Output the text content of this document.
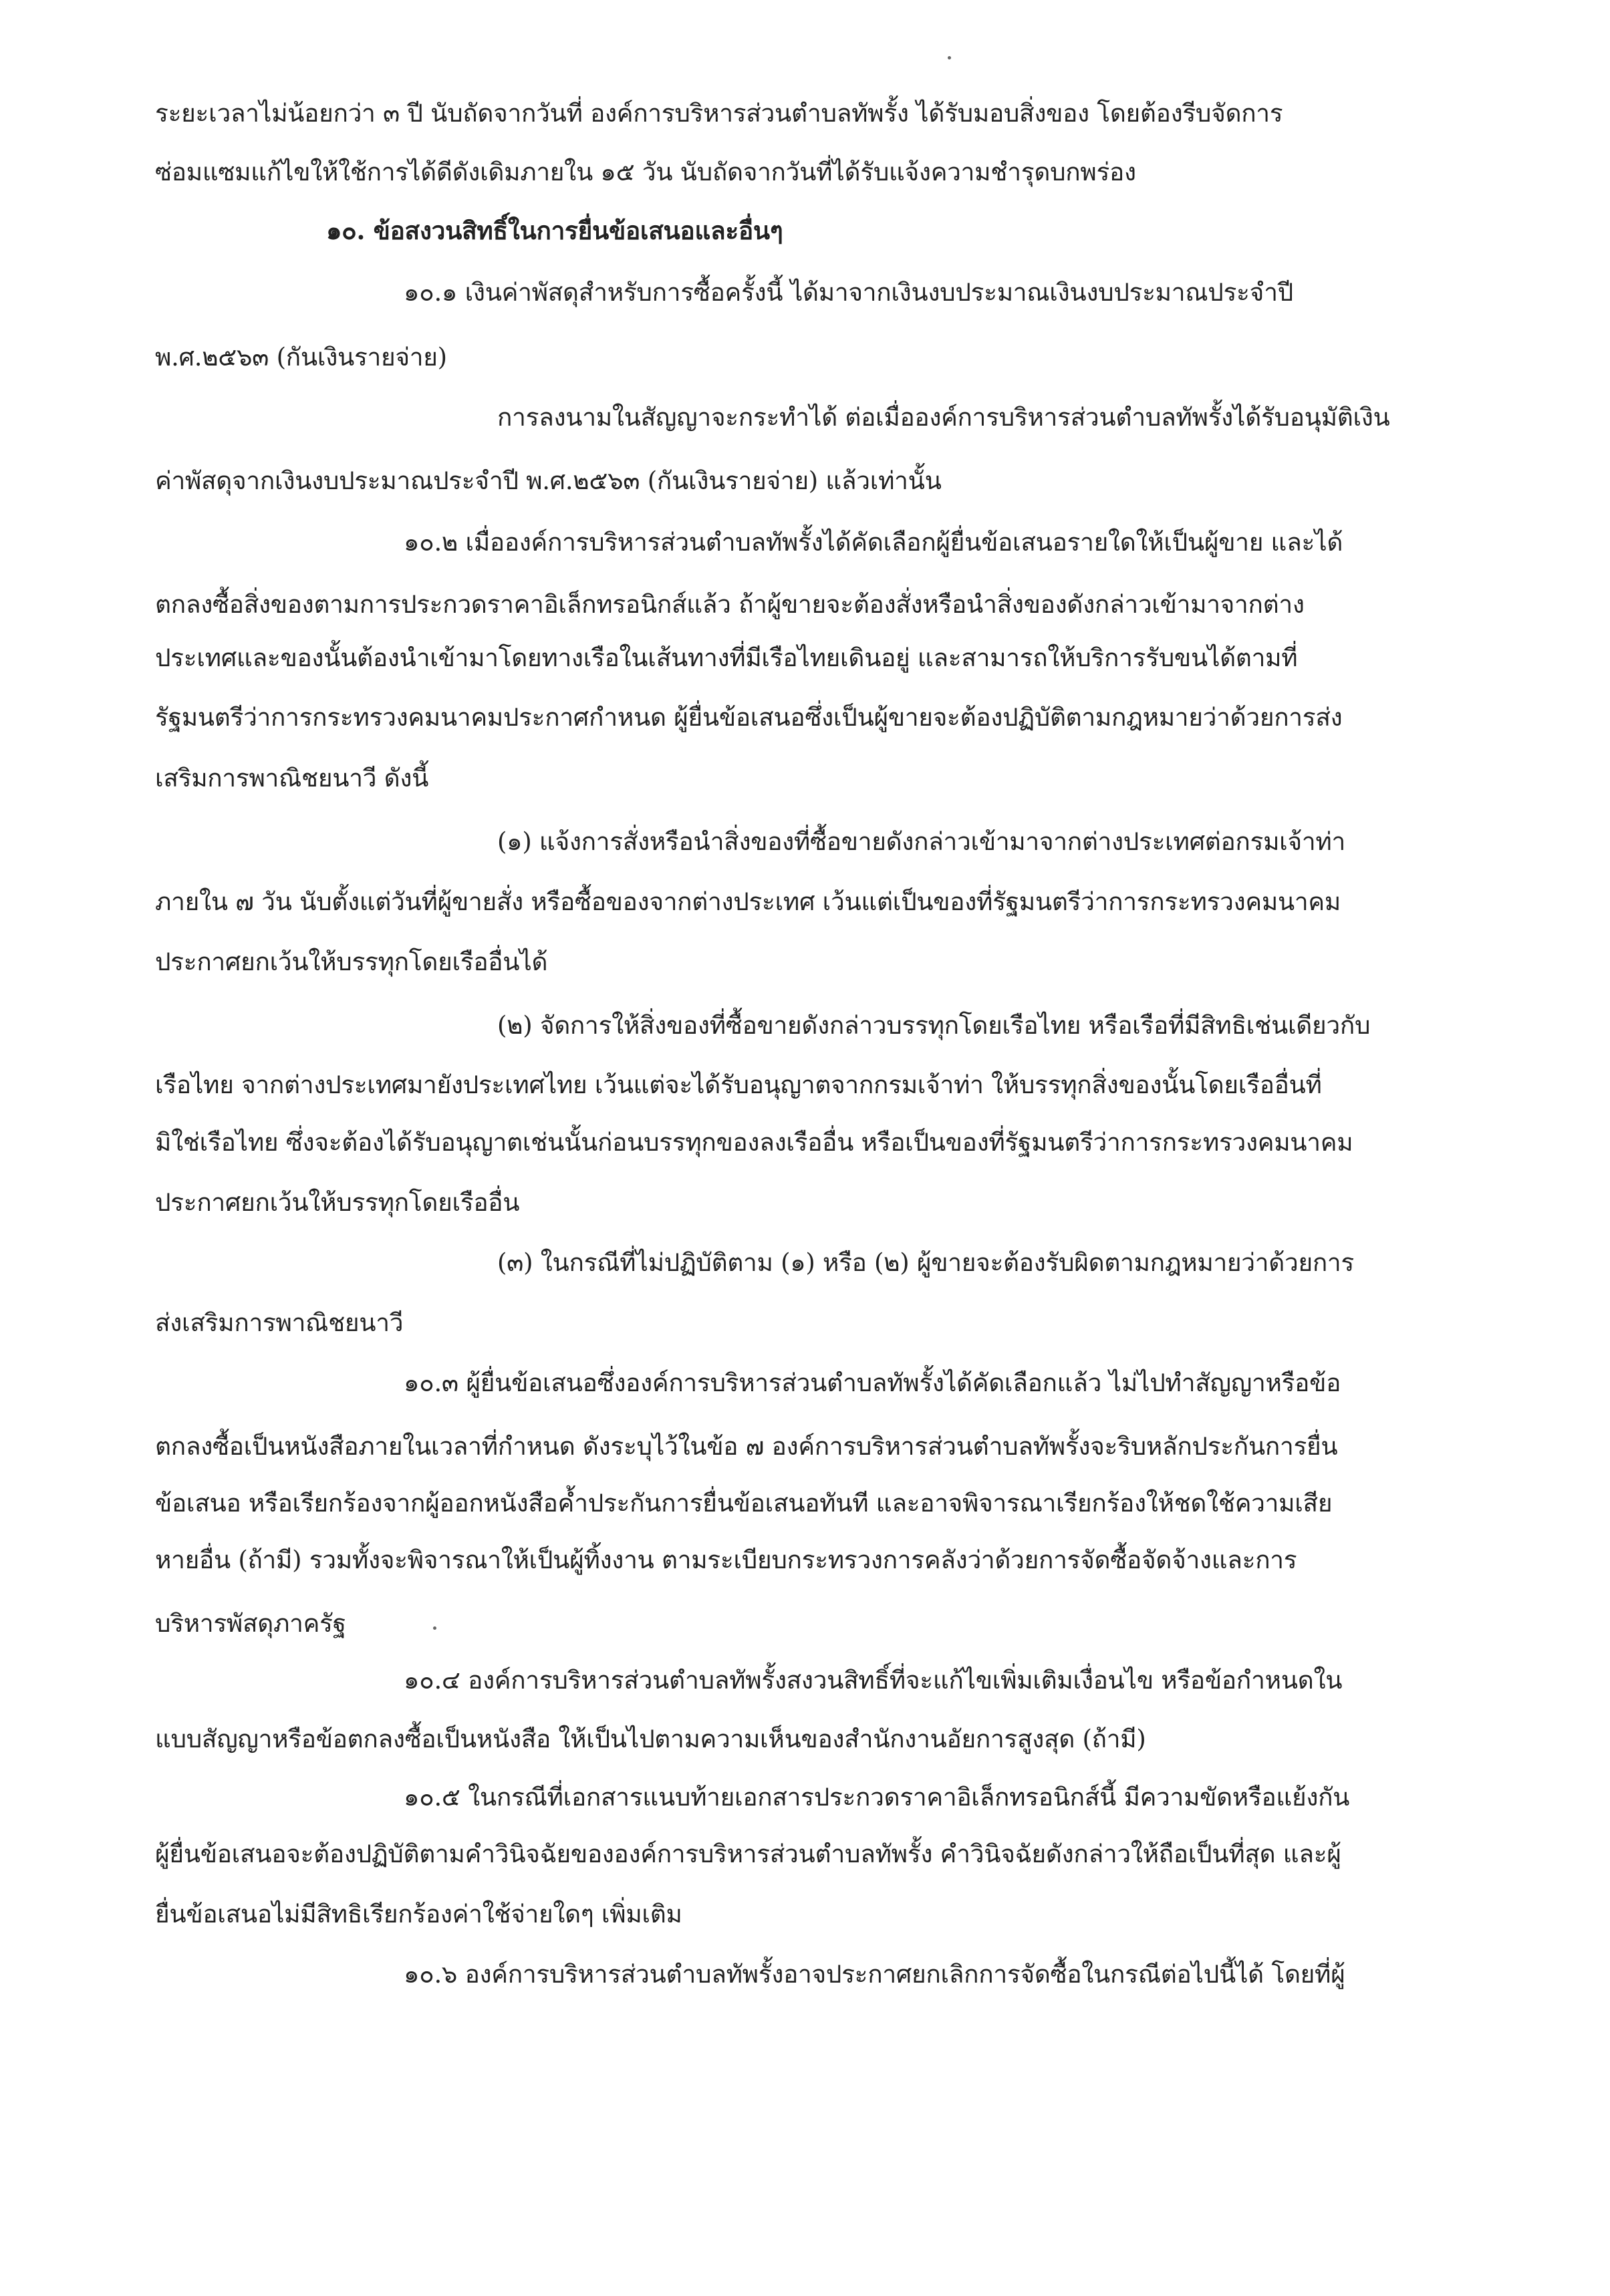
ระยะเวลาไม่น้อยกว่า ๓ ปี นับถัดจากวันที่ องค์การบริหารส่วนตำบลทัพรั้ง ได้รับมอบสิ่งของ โดยต้องรีบจัดการ
ซ่อมแซมแก้ไขให้ใช้การได้ดีดังเดิมภายใน ๑๕ วัน นับถัดจากวันที่ได้รับแจ้งความชำรุดบกพร่อง
๑๐. ข้อสงวนสิทธิ์ในการยื่นข้อเสนอและอื่นๆ
๑๐.๑ เงินค่าพัสดุสำหรับการซื้อครั้งนี้ ได้มาจากเงินงบประมาณเงินงบประมาณประจำปี
พ.ศ.๒๕๖๓ (กันเงินรายจ่าย)
การลงนามในสัญญาจะกระทำได้ ต่อเมื่อองค์การบริหารส่วนตำบลทัพรั้งได้รับอนุมัติเงิน
ค่าพัสดุจากเงินงบประมาณประจำปี พ.ศ.๒๕๖๓ (กันเงินรายจ่าย) แล้วเท่านั้น
๑๐.๒ เมื่อองค์การบริหารส่วนตำบลทัพรั้งได้คัดเลือกผู้ยื่นข้อเสนอรายใดให้เป็นผู้ขาย และได้
ตกลงซื้อสิ่งของตามการประกวดราคาอิเล็กทรอนิกส์แล้ว ถ้าผู้ขายจะต้องสั่งหรือนำสิ่งของดังกล่าวเข้ามาจากต่าง
ประเทศและของนั้นต้องนำเข้ามาโดยทางเรือในเส้นทางที่มีเรือไทยเดินอยู่ และสามารถให้บริการรับขนได้ตามที่
รัฐมนตรีว่าการกระทรวงคมนาคมประกาศกำหนด ผู้ยื่นข้อเสนอซึ่งเป็นผู้ขายจะต้องปฏิบัติตามกฎหมายว่าด้วยการส่ง
เสริมการพาณิชยนาวี ดังนี้
(๑) แจ้งการสั่งหรือนำสิ่งของที่ซื้อขายดังกล่าวเข้ามาจากต่างประเทศต่อกรมเจ้าท่า
ภายใน ๗ วัน นับตั้งแต่วันที่ผู้ขายสั่ง หรือซื้อของจากต่างประเทศ เว้นแต่เป็นของที่รัฐมนตรีว่าการกระทรวงคมนาคม
ประกาศยกเว้นให้บรรทุกโดยเรืออื่นได้
(๒) จัดการให้สิ่งของที่ซื้อขายดังกล่าวบรรทุกโดยเรือไทย หรือเรือที่มีสิทธิเช่นเดียวกับ
เรือไทย จากต่างประเทศมายังประเทศไทย เว้นแต่จะได้รับอนุญาตจากกรมเจ้าท่า ให้บรรทุกสิ่งของนั้นโดยเรืออื่นที่
มิใช่เรือไทย ซึ่งจะต้องได้รับอนุญาตเช่นนั้นก่อนบรรทุกของลงเรืออื่น หรือเป็นของที่รัฐมนตรีว่าการกระทรวงคมนาคม
ประกาศยกเว้นให้บรรทุกโดยเรืออื่น
(๓) ในกรณีที่ไม่ปฏิบัติตาม (๑) หรือ (๒) ผู้ขายจะต้องรับผิดตามกฎหมายว่าด้วยการ
ส่งเสริมการพาณิชยนาวี
๑๐.๓ ผู้ยื่นข้อเสนอซึ่งองค์การบริหารส่วนตำบลทัพรั้งได้คัดเลือกแล้ว ไม่ไปทำสัญญาหรือข้อ
ตกลงซื้อเป็นหนังสือภายในเวลาที่กำหนด ดังระบุไว้ในข้อ ๗ องค์การบริหารส่วนตำบลทัพรั้งจะริบหลักประกันการยื่น
ข้อเสนอ หรือเรียกร้องจากผู้ออกหนังสือค้ำประกันการยื่นข้อเสนอทันที และอาจพิจารณาเรียกร้องให้ชดใช้ความเสีย
หายอื่น (ถ้ามี) รวมทั้งจะพิจารณาให้เป็นผู้ทิ้งงาน ตามระเบียบกระทรวงการคลังว่าด้วยการจัดซื้อจัดจ้างและการ
บริหารพัสดุภาครัฐ
๑๐.๔ องค์การบริหารส่วนตำบลทัพรั้งสงวนสิทธิ์ที่จะแก้ไขเพิ่มเติมเงื่อนไข หรือข้อกำหนดใน
แบบสัญญาหรือข้อตกลงซื้อเป็นหนังสือ ให้เป็นไปตามความเห็นของสำนักงานอัยการสูงสุด (ถ้ามี)
๑๐.๕ ในกรณีที่เอกสารแนบท้ายเอกสารประกวดราคาอิเล็กทรอนิกส์นี้ มีความขัดหรือแย้งกัน
ผู้ยื่นข้อเสนอจะต้องปฏิบัติตามคำวินิจฉัยขององค์การบริหารส่วนตำบลทัพรั้ง คำวินิจฉัยดังกล่าวให้ถือเป็นที่สุด และผู้
ยื่นข้อเสนอไม่มีสิทธิเรียกร้องค่าใช้จ่ายใดๆ เพิ่มเติม
๑๐.๖ องค์การบริหารส่วนตำบลทัพรั้งอาจประกาศยกเลิกการจัดซื้อในกรณีต่อไปนี้ได้ โดยที่ผู้
